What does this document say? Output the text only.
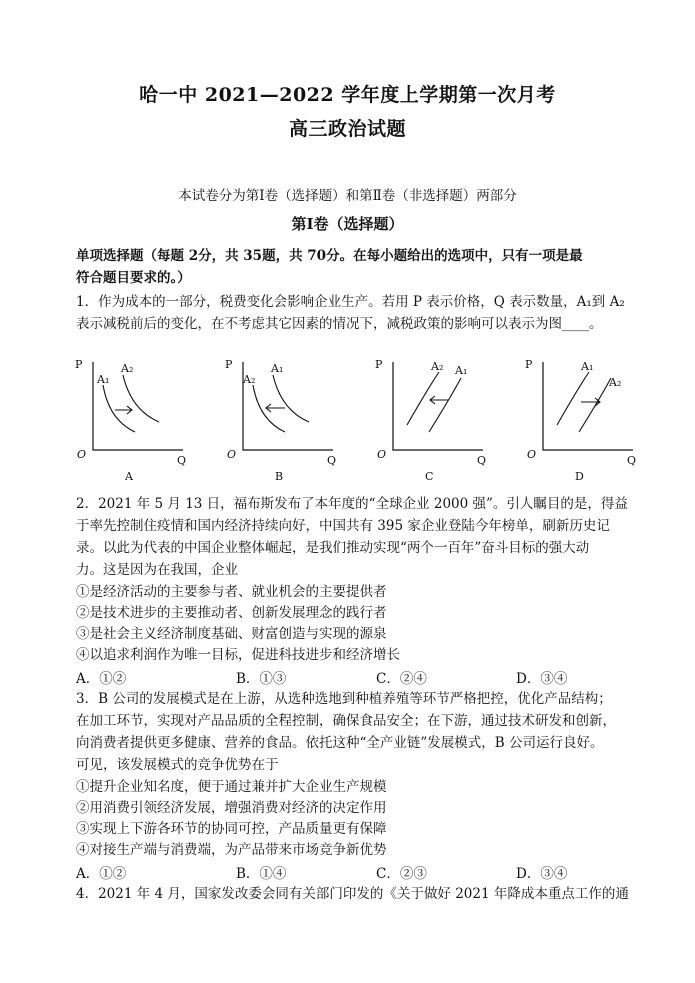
哈一中 2021—2022 学年度上学期第一次月考
高三政治试题
本试卷分为第Ⅰ卷（选择题）和第Ⅱ卷（非选择题）两部分
第Ⅰ卷（选择题）
单项选择题（每题 2分，共 35题，共 70分。在每小题给出的选项中，只有一项是最
符合题目要求的。）
1．作为成本的一部分，税费变化会影响企业生产。若用 P 表示价格，Q 表示数量，A₁到 A₂
表示减税前后的变化，在不考虑其它因素的情况下，减税政策的影响可以表示为图____。
P
Q
O
A₁
A₂
A
P
Q
O
A₂
A₁
B
P
Q
O
A₂ A₁
C
P
Q
O
A₁
A₂
D
2．2021 年 5 月 13 日，福布斯发布了本年度的“全球企业 2000 强”。引人瞩目的是，得益
于率先控制住疫情和国内经济持续向好，中国共有 395 家企业登陆今年榜单，刷新历史记
录。以此为代表的中国企业整体崛起，是我们推动实现“两个一百年”奋斗目标的强大动
力。这是因为在我国，企业
①是经济活动的主要参与者、就业机会的主要提供者
②是技术进步的主要推动者、创新发展理念的践行者
③是社会主义经济制度基础、财富创造与实现的源泉
④以追求利润作为唯一目标，促进科技进步和经济增长
A．①②	B．①③	C．②④	D．③④
3．B 公司的发展模式是在上游，从选种选地到种植养殖等环节严格把控，优化产品结构；
在加工环节，实现对产品品质的全程控制，确保食品安全；在下游，通过技术研发和创新，
向消费者提供更多健康、营养的食品。依托这种“全产业链”发展模式，B 公司运行良好。
可见，该发展模式的竞争优势在于
①提升企业知名度，便于通过兼并扩大企业生产规模
②用消费引领经济发展，增强消费对经济的决定作用
③实现上下游各环节的协同可控，产品质量更有保障
④对接生产端与消费端，为产品带来市场竞争新优势
A．①②	B．①④	C．②③	D．③④
4．2021 年 4 月，国家发改委会同有关部门印发的《关于做好 2021 年降成本重点工作的通
